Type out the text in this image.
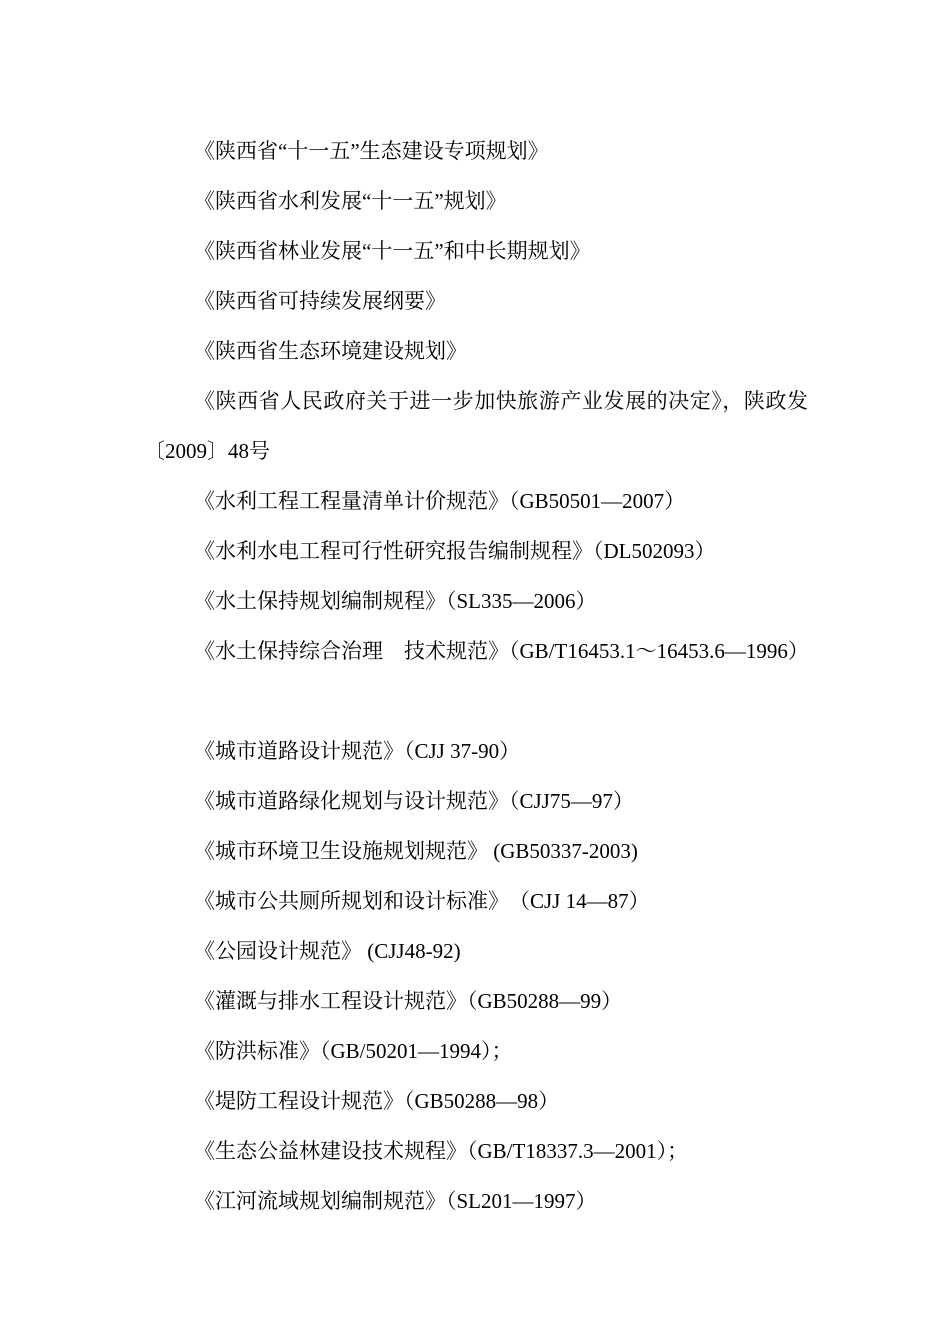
《陕西省“十一五”生态建设专项规划》
《陕西省水利发展“十一五”规划》
《陕西省林业发展“十一五”和中长期规划》
《陕西省可持续发展纲要》
《陕西省生态环境建设规划》
《陕西省人民政府关于进一步加快旅游产业发展的决定》，陕政发〔2009〕48号
《水利工程工程量清单计价规范》（GB50501—2007）
《水利水电工程可行性研究报告编制规程》（DL502093）
《水土保持规划编制规程》（SL335—2006）
《水土保持综合治理　技术规范》（GB/T16453.1～16453.6—1996）
《城市道路设计规范》（CJJ 37-90）
《城市道路绿化规划与设计规范》（CJJ75—97）
《城市环境卫生设施规划规范》 (GB50337-2003)
《城市公共厕所规划和设计标准》　（CJJ 14—87）
《公园设计规范》 (CJJ48-92)
《灌溉与排水工程设计规范》（GB50288—99）
《防洪标准》（GB/50201—1994）；
《堤防工程设计规范》（GB50288—98）
《生态公益林建设技术规程》（GB/T18337.3—2001）；
《江河流域规划编制规范》（SL201—1997）
